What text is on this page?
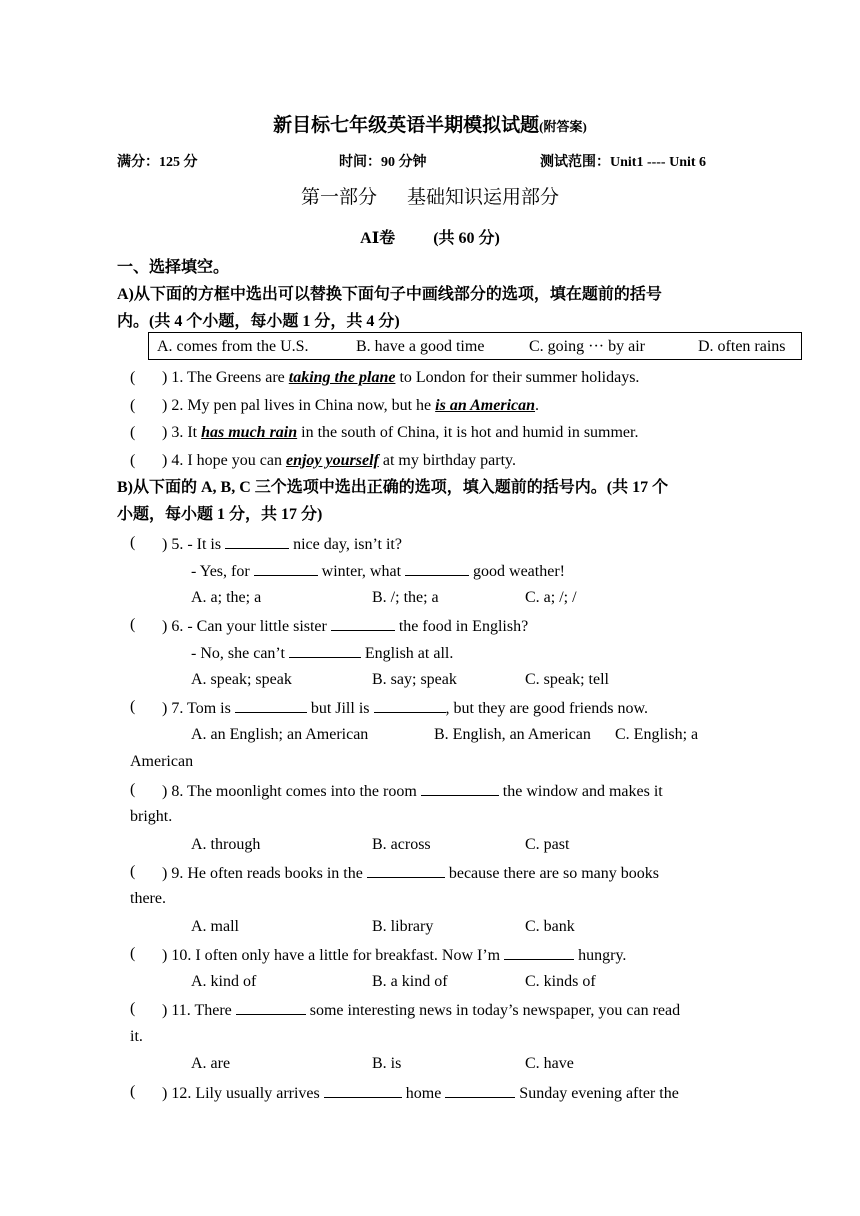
新目标七年级英语半期模拟试题(附答案)
满分：125 分	时间：90 分钟	测试范围：Unit1 ---- Unit 6
第一部分 基础知识运用部分
AⅠ卷 (共 60 分)
一、选择填空。
A)从下面的方框中选出可以替换下面句子中画线部分的选项，填在题前的括号
内。(共 4 个小题，每小题 1 分，共 4 分)
A. comes from the U.S.	B. have a good time	C. going ··· by air	D. often rains
( ) 1. The Greens are taking the plane to London for their summer holidays.
( ) 2. My pen pal lives in China now, but he is an American.
( ) 3. It has much rain in the south of China, it is hot and humid in summer.
( ) 4. I hope you can enjoy yourself at my birthday party.
B)从下面的 A, B, C 三个选项中选出正确的选项，填入题前的括号内。(共 17 个
小题，每小题 1 分，共 17 分)
( ) 5. - It is	nice day, isn’t it?
- Yes, for	winter, what	good weather!
A. a; the; a	B. /; the; a	C. a; /; /
( ) 6. - Can your little sister	the food in English?
- No, she can’t	English at all.
A. speak; speak	B. say; speak	C. speak; tell
( ) 7. Tom is	but Jill is	, but they are good friends now.
A. an English; an American	B. English, an American C. English; a
American
( ) 8. The moonlight comes into the room	the window and makes it
bright.
A. through	B. across	C. past
( ) 9. He often reads books in the	because there are so many books
there.
A. mall	B. library	C. bank
( ) 10. I often only have a little for breakfast. Now I’m	hungry.
A. kind of	B. a kind of	C. kinds of
( ) 11. There	some interesting news in today’s newspaper, you can read
it.
A. are	B. is	C. have
( ) 12. Lily usually arrives	home	Sunday evening after the
